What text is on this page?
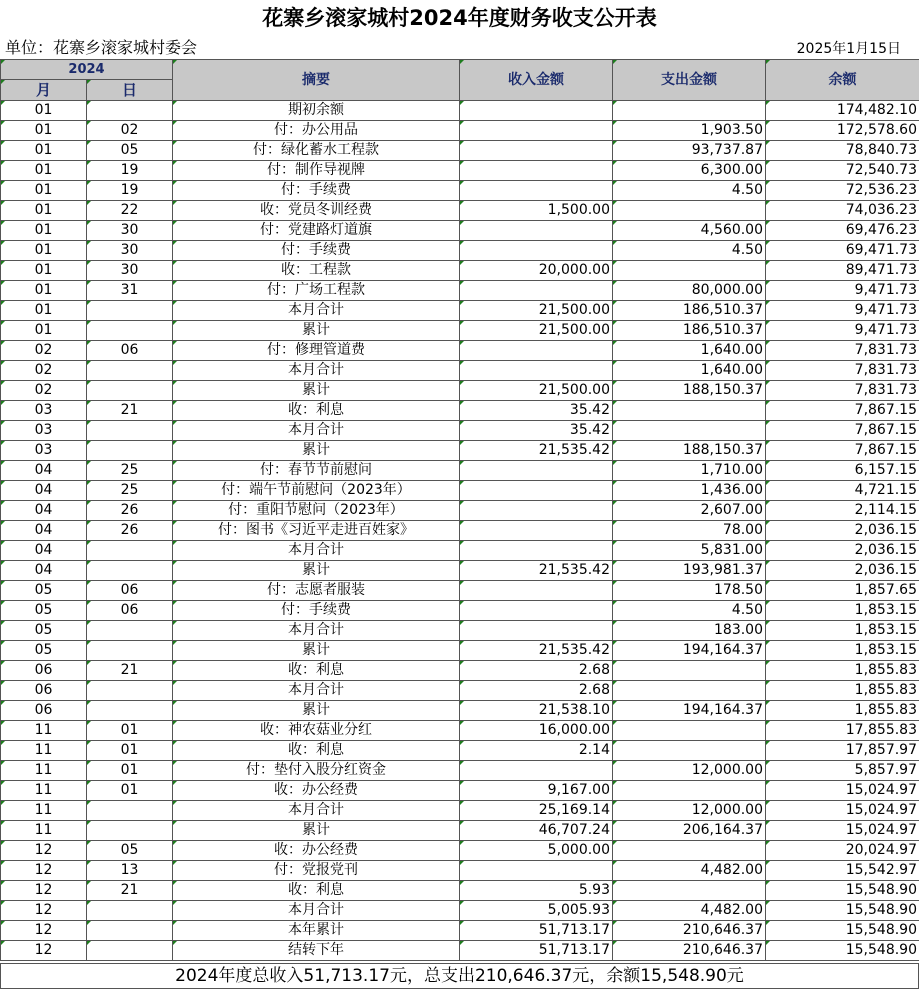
花寨乡滚家城村2024年度财务收支公开表
单位：花寨乡滚家城村委会	2025年1月15日
2024		摘要	收入金额	支出金额	余额
月	日				
01		期初余额			174,482.10
01	02	付：办公用品		1,903.50	172,578.60
01	05	付：绿化蓄水工程款		93,737.87	78,840.73
01	19	付：制作导视牌		6,300.00	72,540.73
01	19	付：手续费		4.50	72,536.23
01	22	收：党员冬训经费	1,500.00		74,036.23
01	30	付：党建路灯道旗		4,560.00	69,476.23
01	30	付：手续费		4.50	69,471.73
01	30	收：工程款	20,000.00		89,471.73
01	31	付：广场工程款		80,000.00	9,471.73
01		本月合计	21,500.00	186,510.37	9,471.73
01		累计	21,500.00	186,510.37	9,471.73
02	06	付：修理管道费		1,640.00	7,831.73
02		本月合计		1,640.00	7,831.73
02		累计	21,500.00	188,150.37	7,831.73
03	21	收：利息	35.42		7,867.15
03		本月合计	35.42		7,867.15
03		累计	21,535.42	188,150.37	7,867.15
04	25	付：春节节前慰问		1,710.00	6,157.15
04	25	付：端午节前慰问（2023年）		1,436.00	4,721.15
04	26	付：重阳节慰问（2023年）		2,607.00	2,114.15
04	26	付：图书《习近平走进百姓家》		78.00	2,036.15
04		本月合计		5,831.00	2,036.15
04		累计	21,535.42	193,981.37	2,036.15
05	06	付：志愿者服装		178.50	1,857.65
05	06	付：手续费		4.50	1,853.15
05		本月合计		183.00	1,853.15
05		累计	21,535.42	194,164.37	1,853.15
06	21	收：利息	2.68		1,855.83
06		本月合计	2.68		1,855.83
06		累计	21,538.10	194,164.37	1,855.83
11	01	收：神农菇业分红	16,000.00		17,855.83
11	01	收：利息	2.14		17,857.97
11	01	付：垫付入股分红资金		12,000.00	5,857.97
11	01	收：办公经费	9,167.00		15,024.97
11		本月合计	25,169.14	12,000.00	15,024.97
11		累计	46,707.24	206,164.37	15,024.97
12	05	收：办公经费	5,000.00		20,024.97
12	13	付：党报党刊		4,482.00	15,542.97
12	21	收：利息	5.93		15,548.90
12		本月合计	5,005.93	4,482.00	15,548.90
12		本年累计	51,713.17	210,646.37	15,548.90
12		结转下年	51,713.17	210,646.37	15,548.90
2024年度总收入51,713.17元，总支出210,646.37元，余额15,548.90元
